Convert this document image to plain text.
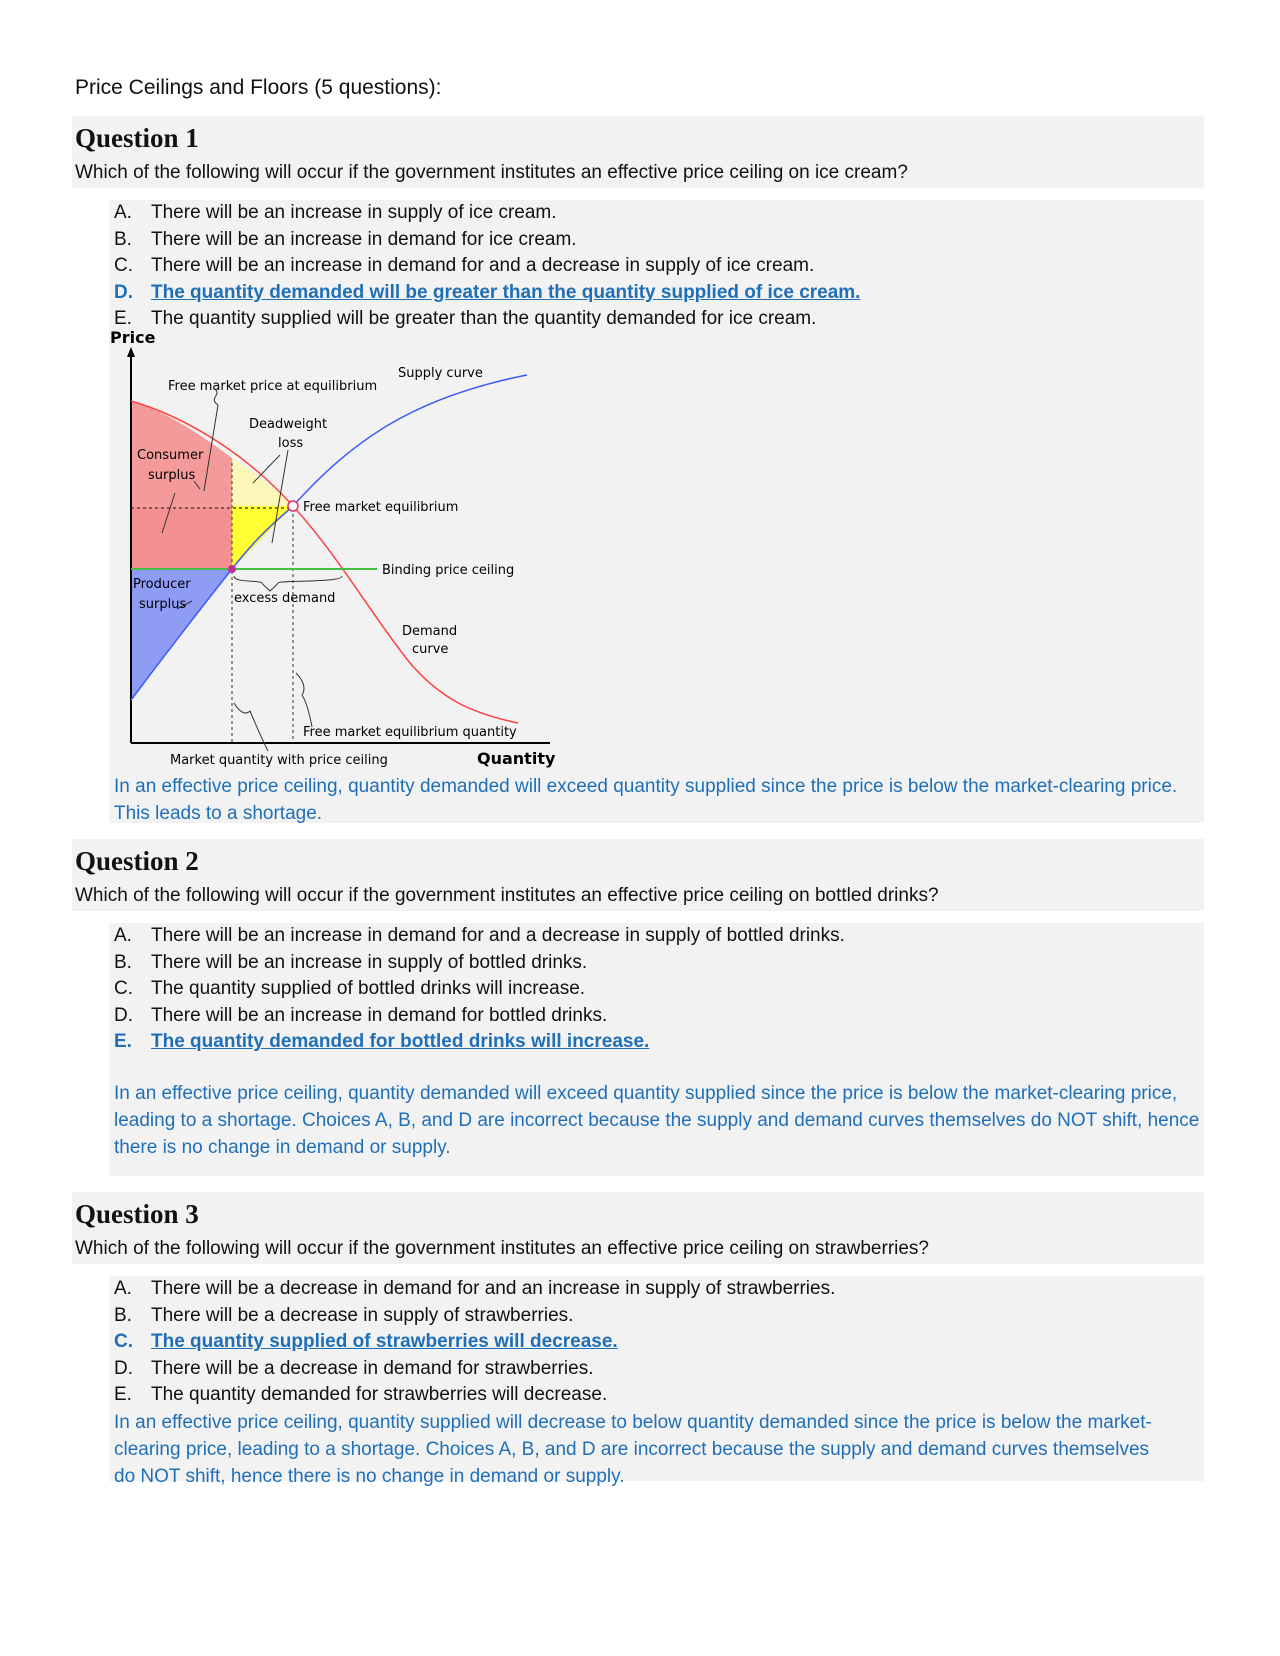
Price Ceilings and Floors (5 questions):
Question 1
Which of the following will occur if the government institutes an effective price ceiling on ice cream?
A. There will be an increase in supply of ice cream.
B. There will be an increase in demand for ice cream.
C. There will be an increase in demand for and a decrease in supply of ice cream.
D. The quantity demanded will be greater than the quantity supplied of ice cream.
E. The quantity supplied will be greater than the quantity demanded for ice cream.
In an effective price ceiling, quantity demanded will exceed quantity supplied since the price is below the market-clearing price. This leads to a shortage.
Price
Supply curve
Free market price at equilibrium
Deadweight
loss
Consumer
surplus
Free market equilibrium
Binding price ceiling
Producer
surplus	excess demand
Demand
curve
Free market equilibrium quantity
Market quantity with price ceiling	Quantity
Question 2
Which of the following will occur if the government institutes an effective price ceiling on bottled drinks?
A. There will be an increase in demand for and a decrease in supply of bottled drinks.
B. There will be an increase in supply of bottled drinks.
C. The quantity supplied of bottled drinks will increase.
D. There will be an increase in demand for bottled drinks.
E. The quantity demanded for bottled drinks will increase.
In an effective price ceiling, quantity demanded will exceed quantity supplied since the price is below the market-clearing price, leading to a shortage. Choices A, B, and D are incorrect because the supply and demand curves themselves do NOT shift, hence there is no change in demand or supply.
Question 3
Which of the following will occur if the government institutes an effective price ceiling on strawberries?
A. There will be a decrease in demand for and an increase in supply of strawberries.
B. There will be a decrease in supply of strawberries.
C. The quantity supplied of strawberries will decrease.
D. There will be a decrease in demand for strawberries.
E. The quantity demanded for strawberries will decrease.
In an effective price ceiling, quantity supplied will decrease to below quantity demanded since the price is below the market-clearing price, leading to a shortage. Choices A, B, and D are incorrect because the supply and demand curves themselves do NOT shift, hence there is no change in demand or supply.
